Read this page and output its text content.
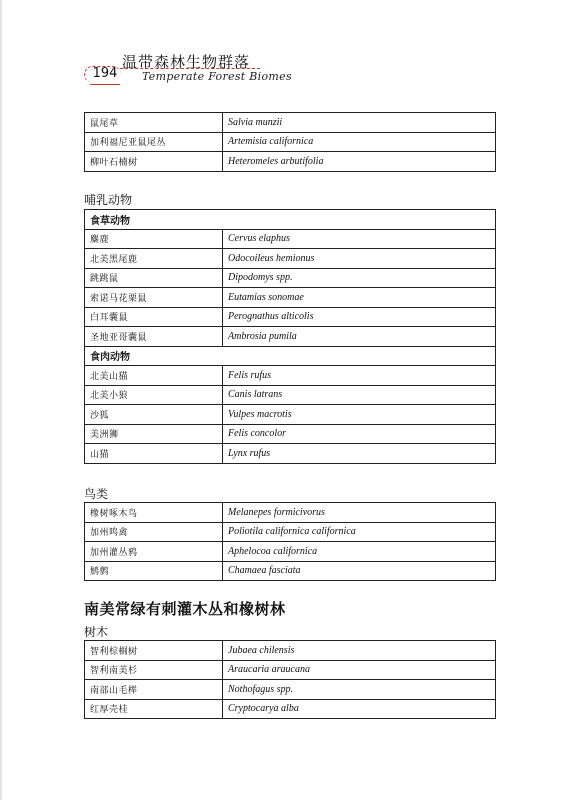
194
温带森林生物群落
Temperate Forest Biomes
鼠尾草	Salvia munzii
加利福尼亚鼠尾丛	Artemisia californica
柳叶石楠树	Heteromeles arbutifolia
哺乳动物
食草动物	
麋鹿	Cervus elaphus
北美黑尾鹿	Odocoileus hemionus
跳跳鼠	Dipodomys spp.
索诺马花栗鼠	Eutamias sonomae
白耳囊鼠	Perognathus alticolis
圣地亚哥囊鼠	Ambrosia pumila
食肉动物	
北美山猫	Felis rufus
北美小狼	Canis latrans
沙狐	Vulpes macrotis
美洲狮	Felis concolor
山猫	Lynx rufus
鸟类
橡树啄木鸟	Melanepes formicivorus
加州鸣禽	Poliotila californica californica
加州灌丛鸦	Aphelocoa californica
鹪鹩	Chamaea fasciata
南美常绿有刺灌木丛和橡树林
树木
智利棕榈树	Jubaea chilensis
智利南美杉	Araucaria araucana
南部山毛榉	Nothofagus spp.
红厚壳桂	Cryptocarya alba
